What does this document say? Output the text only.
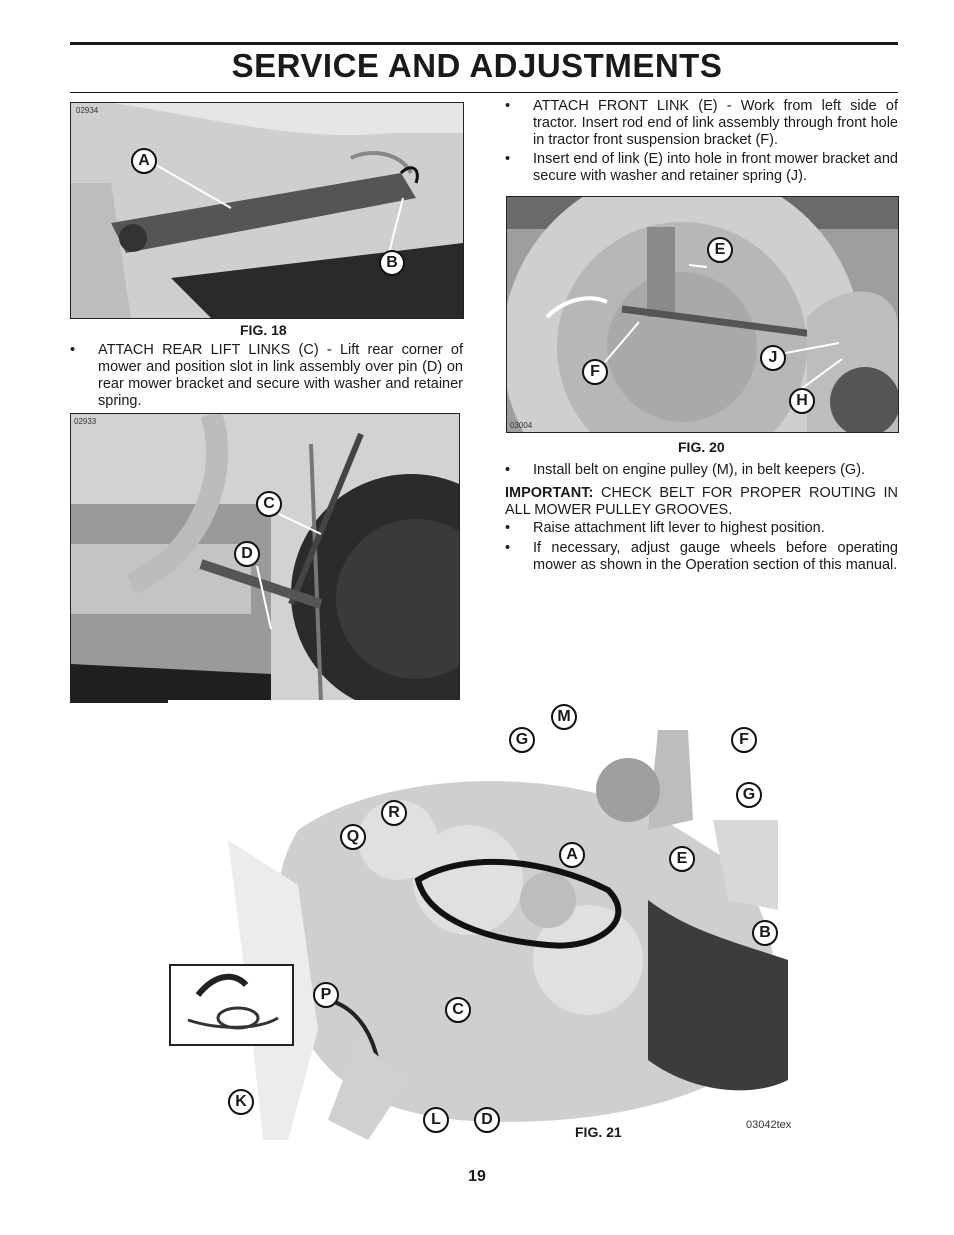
SERVICE AND ADJUSTMENTS
02934
A
B
FIG. 18
• ATTACH REAR LIFT LINKS (C) - Lift rear corner of mower and position slot in link assembly over pin (D) on rear mower bracket and secure with washer and retainer spring.
02933
C
D
• ATTACH FRONT LINK (E) - Work from left side of tractor. Insert rod end of link assembly through front hole in tractor front suspension bracket (F).
• Insert end of link (E) into hole in front mower bracket and secure with washer and retainer spring (J).
E
F
J
H
03004
FIG. 20
• Install belt on engine pulley (M), in belt keepers (G).
IMPORTANT: CHECK BELT FOR PROPER ROUTING IN ALL MOWER PULLEY GROOVES.
• Raise attachment lift lever to highest position.
• If necessary, adjust gauge wheels before operating mower as shown in the Operation section of this manual.
M
G	F
G
R
Q
A	E
B
P
C
K
L	D	03042tex
FIG. 21
19
